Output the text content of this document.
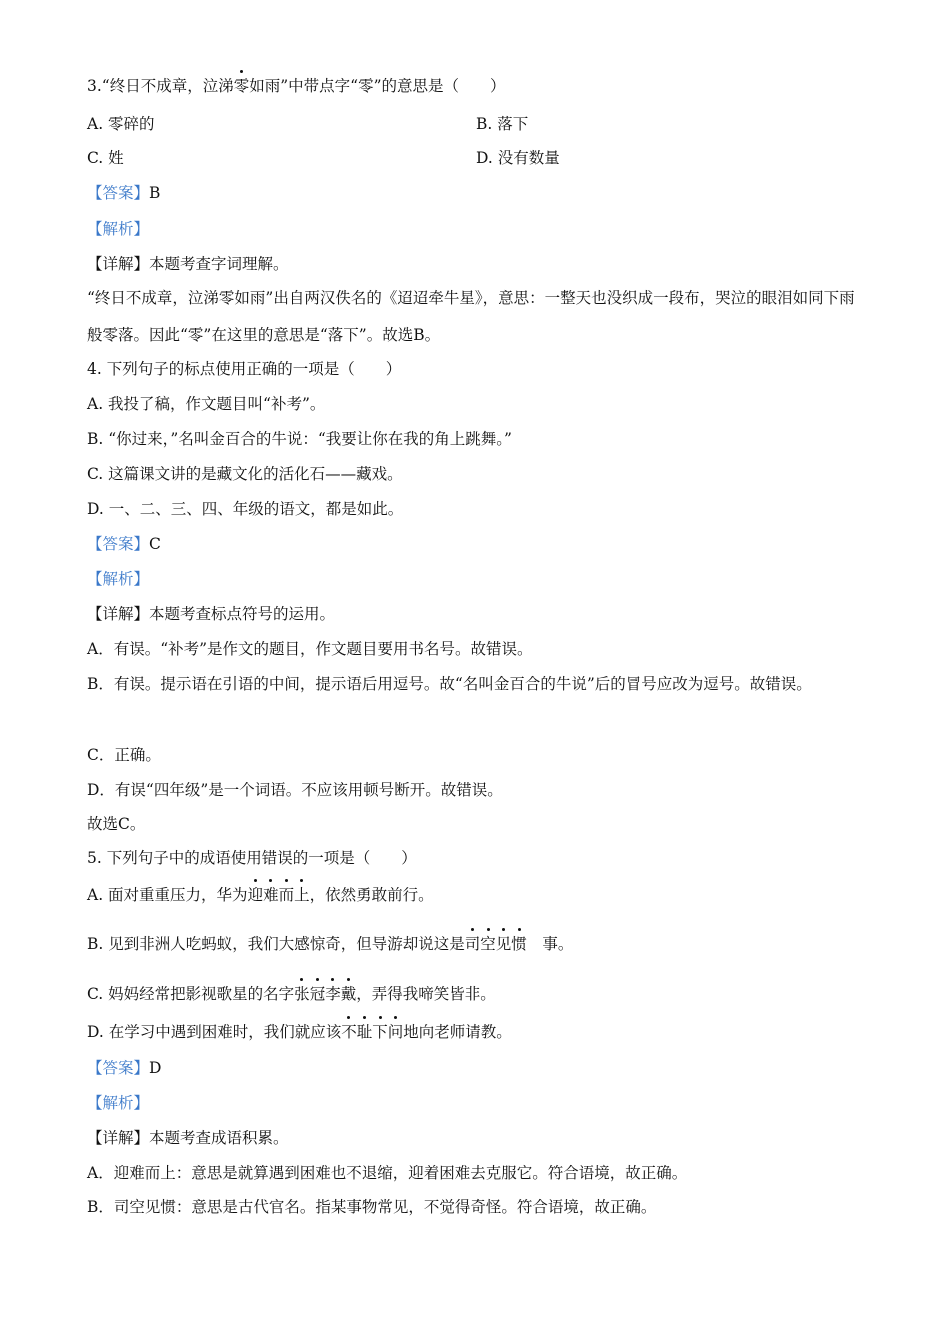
3.“终日不成章，泣涕零如雨”中带点字“零”的意思是（　　）
A. 零碎的	B. 落下
C. 姓	D. 没有数量
【答案】B
【解析】
【详解】本题考查字词理解。
“终日不成章，泣涕零如雨”出自两汉佚名的《迢迢牵牛星》，意思：一整天也没织成一段布，哭泣的眼泪如同下雨般零落。因此“零”在这里的意思是“落下”。故选B。
4. 下列句子的标点使用正确的一项是（　　）
A. 我投了稿，作文题目叫“补考”。
B. “你过来，”名叫金百合的牛说：“我要让你在我的角上跳舞。”
C. 这篇课文讲的是藏文化的活化石——藏戏。
D. 一、二、三、四、年级的语文，都是如此。
【答案】C
【解析】
【详解】本题考查标点符号的运用。
A．有误。“补考”是作文的题目，作文题目要用书名号。故错误。
B．有误。提示语在引语的中间，提示语后用逗号。故“名叫金百合的牛说”后的冒号应改为逗号。故错误。
C．正确。
D．有误“四年级”是一个词语。不应该用顿号断开。故错误。
故选C。
5. 下列句子中的成语使用错误的一项是（　　）
A. 面对重重压力，华为迎难而上，依然勇敢前行。
B. 见到非洲人吃蚂蚁，我们大感惊奇，但导游却说这是司空见惯　事。
C. 妈妈经常把影视歌星的名字张冠李戴，弄得我啼笑皆非。
D. 在学习中遇到困难时，我们就应该不耻下问地向老师请教。
【答案】D
【解析】
【详解】本题考查成语积累。
A．迎难而上：意思是就算遇到困难也不退缩，迎着困难去克服它。符合语境，故正确。
B．司空见惯：意思是古代官名。指某事物常见，不觉得奇怪。符合语境，故正确。
